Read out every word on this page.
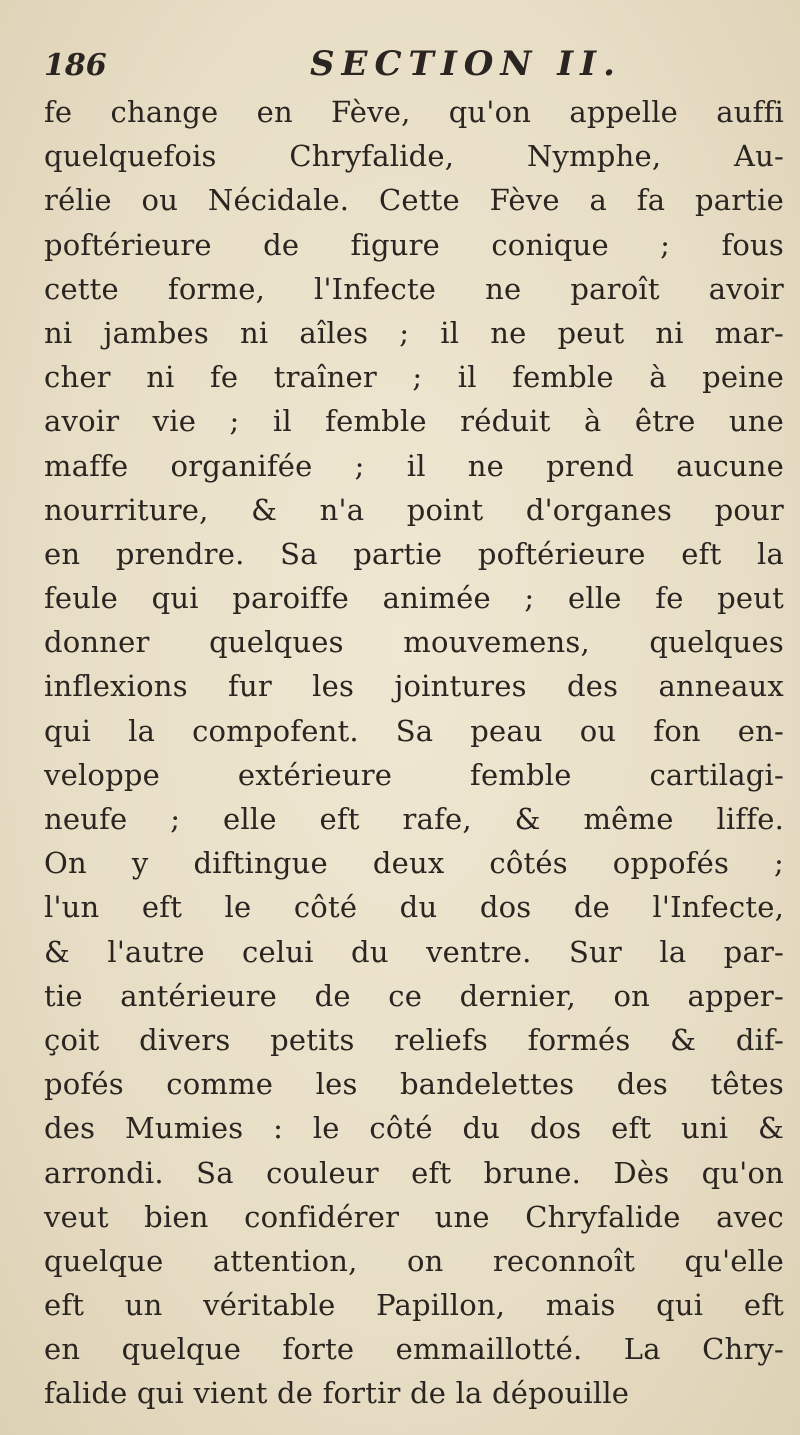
186	SECTION II.
fe change en Fève, qu'on appelle auffi
quelquefois Chryfalide, Nymphe, Au-
rélie ou Nécidale. Cette Fève a fa partie
poftérieure de figure conique ; fous
cette forme, l'Infecte ne paroît avoir
ni jambes ni aîles ; il ne peut ni mar-
cher ni fe traîner ; il femble à peine
avoir vie ; il femble réduit à être une
maffe organifée ; il ne prend aucune
nourriture, & n'a point d'organes pour
en prendre. Sa partie poftérieure eft la
feule qui paroiffe animée ; elle fe peut
donner quelques mouvemens, quelques
inflexions fur les jointures des anneaux
qui la compofent. Sa peau ou fon en-
veloppe extérieure femble cartilagi-
neufe ; elle eft rafe, & même liffe.
On y diftingue deux côtés oppofés ;
l'un eft le côté du dos de l'Infecte,
& l'autre celui du ventre. Sur la par-
tie antérieure de ce dernier, on apper-
çoit divers petits reliefs formés & dif-
pofés comme les bandelettes des têtes
des Mumies : le côté du dos eft uni &
arrondi. Sa couleur eft brune. Dès qu'on
veut bien confidérer une Chryfalide avec
quelque attention, on reconnoît qu'elle
eft un véritable Papillon, mais qui eft
en quelque forte emmaillotté. La Chry-
falide qui vient de fortir de la dépouille
